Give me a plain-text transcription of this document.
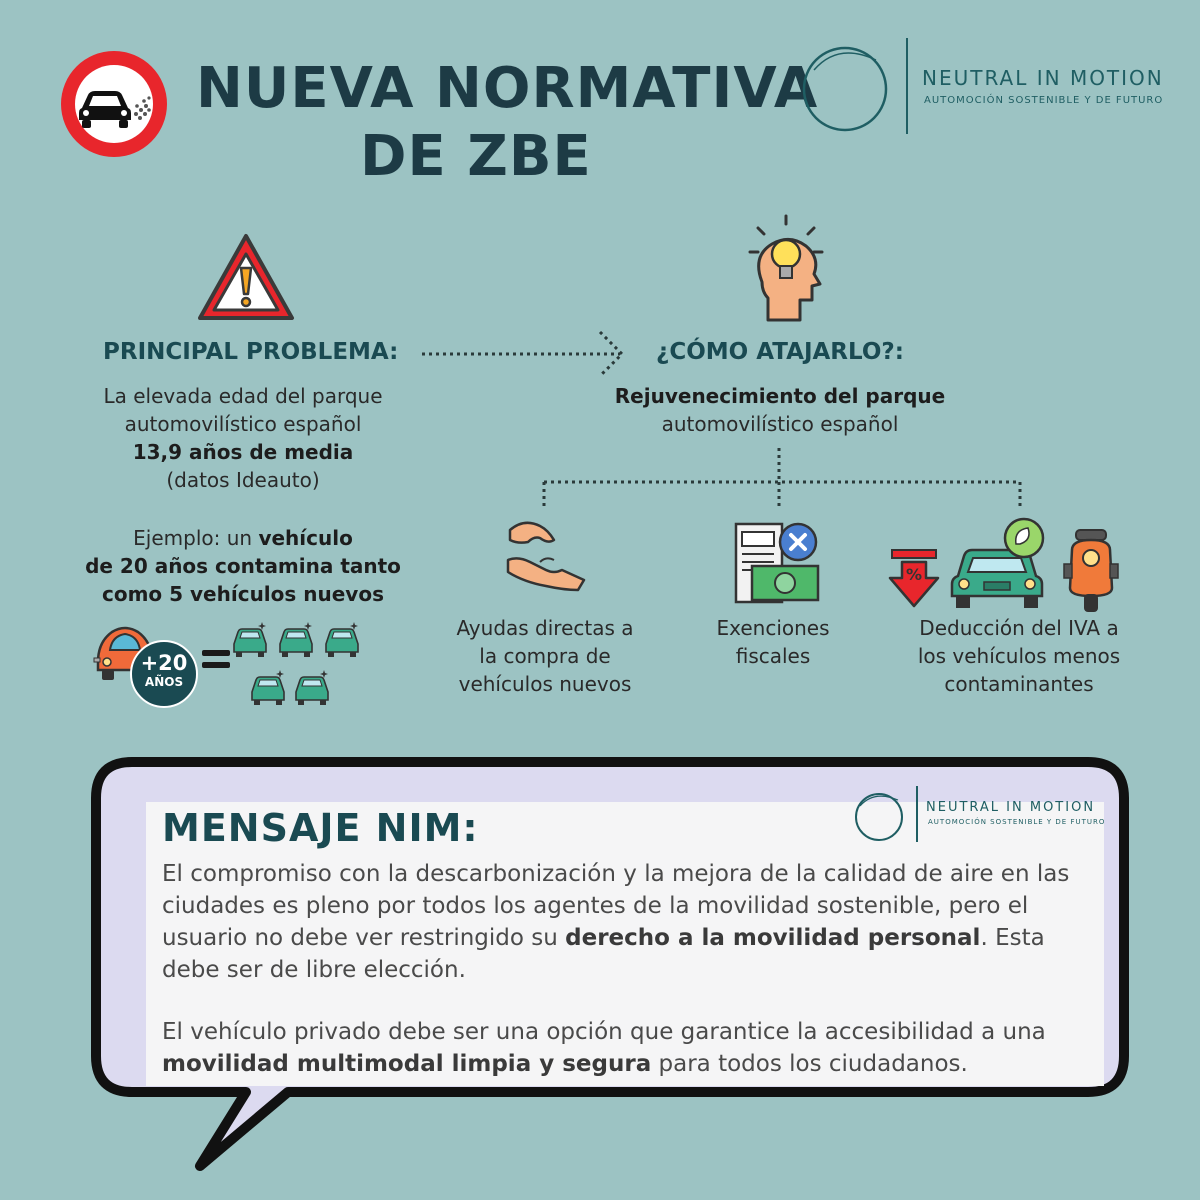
NUEVA NORMATIVA
DE ZBE
NEUTRAL IN MOTION
AUTOMOCIÓN SOSTENIBLE Y DE FUTURO
PRINCIPAL PROBLEMA:
La elevada edad del parque
automovilístico español
13,9 años de media
(datos Ideauto)
Ejemplo: un vehículo
de 20 años contamina tanto
como 5 vehículos nuevos
+20
AÑOS
¿CÓMO ATAJARLO?:
Rejuvenecimiento del parque
automovilístico español
%
Ayudas directas a
la compra de
vehículos nuevos
Exenciones
fiscales
Deducción del IVA a
los vehículos menos
contaminantes
MENSAJE NIM:	NEUTRAL IN MOTION
AUTOMOCIÓN SOSTENIBLE Y DE FUTURO
El compromiso con la descarbonización y la mejora de la calidad de aire en las ciudades es pleno por todos los agentes de la movilidad sostenible, pero el usuario no debe ver restringido su derecho a la movilidad personal. Esta debe ser de libre elección.
El vehículo privado debe ser una opción que garantice la accesibilidad a una movilidad multimodal limpia y segura para todos los ciudadanos.
